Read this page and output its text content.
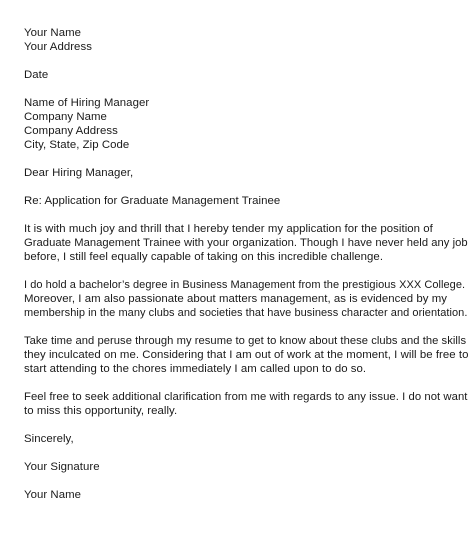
Your Name
Your Address
Date
Name of Hiring Manager
Company Name
Company Address
City, State, Zip Code
Dear Hiring Manager,
Re: Application for Graduate Management Trainee
It is with much joy and thrill that I hereby tender my application for the position of
Graduate Management Trainee with your organization. Though I have never held any job
before, I still feel equally capable of taking on this incredible challenge.
I do hold a bachelor’s degree in Business Management from the prestigious XXX College.
Moreover, I am also passionate about matters management, as is evidenced by my
membership in the many clubs and societies that have business character and orientation.
Take time and peruse through my resume to get to know about these clubs and the skills
they inculcated on me. Considering that I am out of work at the moment, I will be free to
start attending to the chores immediately I am called upon to do so.
Feel free to seek additional clarification from me with regards to any issue. I do not want
to miss this opportunity, really.
Sincerely,
Your Signature
Your Name
